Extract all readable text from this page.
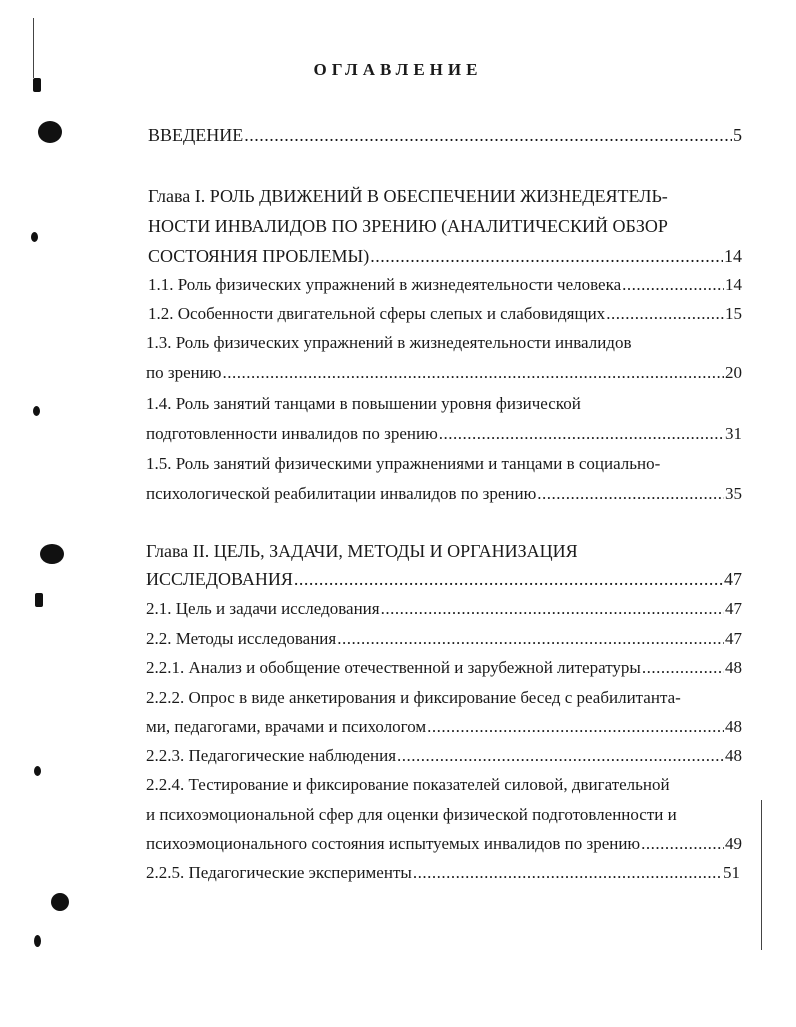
ОГЛАВЛЕНИЕ
ВВЕДЕНИЕ .....	5
Глава I. РОЛЬ ДВИЖЕНИЙ В ОБЕСПЕЧЕНИИ ЖИЗНЕДЕЯТЕЛЬ-
НОСТИ ИНВАЛИДОВ ПО ЗРЕНИЮ (АНАЛИТИЧЕСКИЙ ОБЗОР
СОСТОЯНИЯ ПРОБЛЕМЫ) .....	14
1.1. Роль физических упражнений в жизнедеятельности человека .....	14
1.2. Особенности двигательной сферы слепых и слабовидящих .....	15
1.3. Роль физических упражнений в жизнедеятельности инвалидов
по зрению .....	20
1.4. Роль занятий танцами в повышении уровня физической
подготовленности инвалидов по зрению .....	31
1.5. Роль занятий физическими упражнениями и танцами в социально-
психологической реабилитации инвалидов по зрению .....	35
Глава II. ЦЕЛЬ, ЗАДАЧИ, МЕТОДЫ И ОРГАНИЗАЦИЯ
ИССЛЕДОВАНИЯ .....	47
2.1. Цель и задачи исследования .....	47
2.2. Методы исследования .....	47
2.2.1. Анализ и обобщение отечественной и зарубежной литературы .....	48
2.2.2. Опрос в виде анкетирования и фиксирование бесед с реабилитанта-
ми, педагогами, врачами и психологом .....	48
2.2.3. Педагогические наблюдения .....	48
2.2.4. Тестирование и фиксирование показателей силовой, двигательной
и психоэмоциональной сфер для оценки физической подготовленности и
психоэмоционального состояния испытуемых инвалидов по зрению .....	49
2.2.5. Педагогические эксперименты .....	51
